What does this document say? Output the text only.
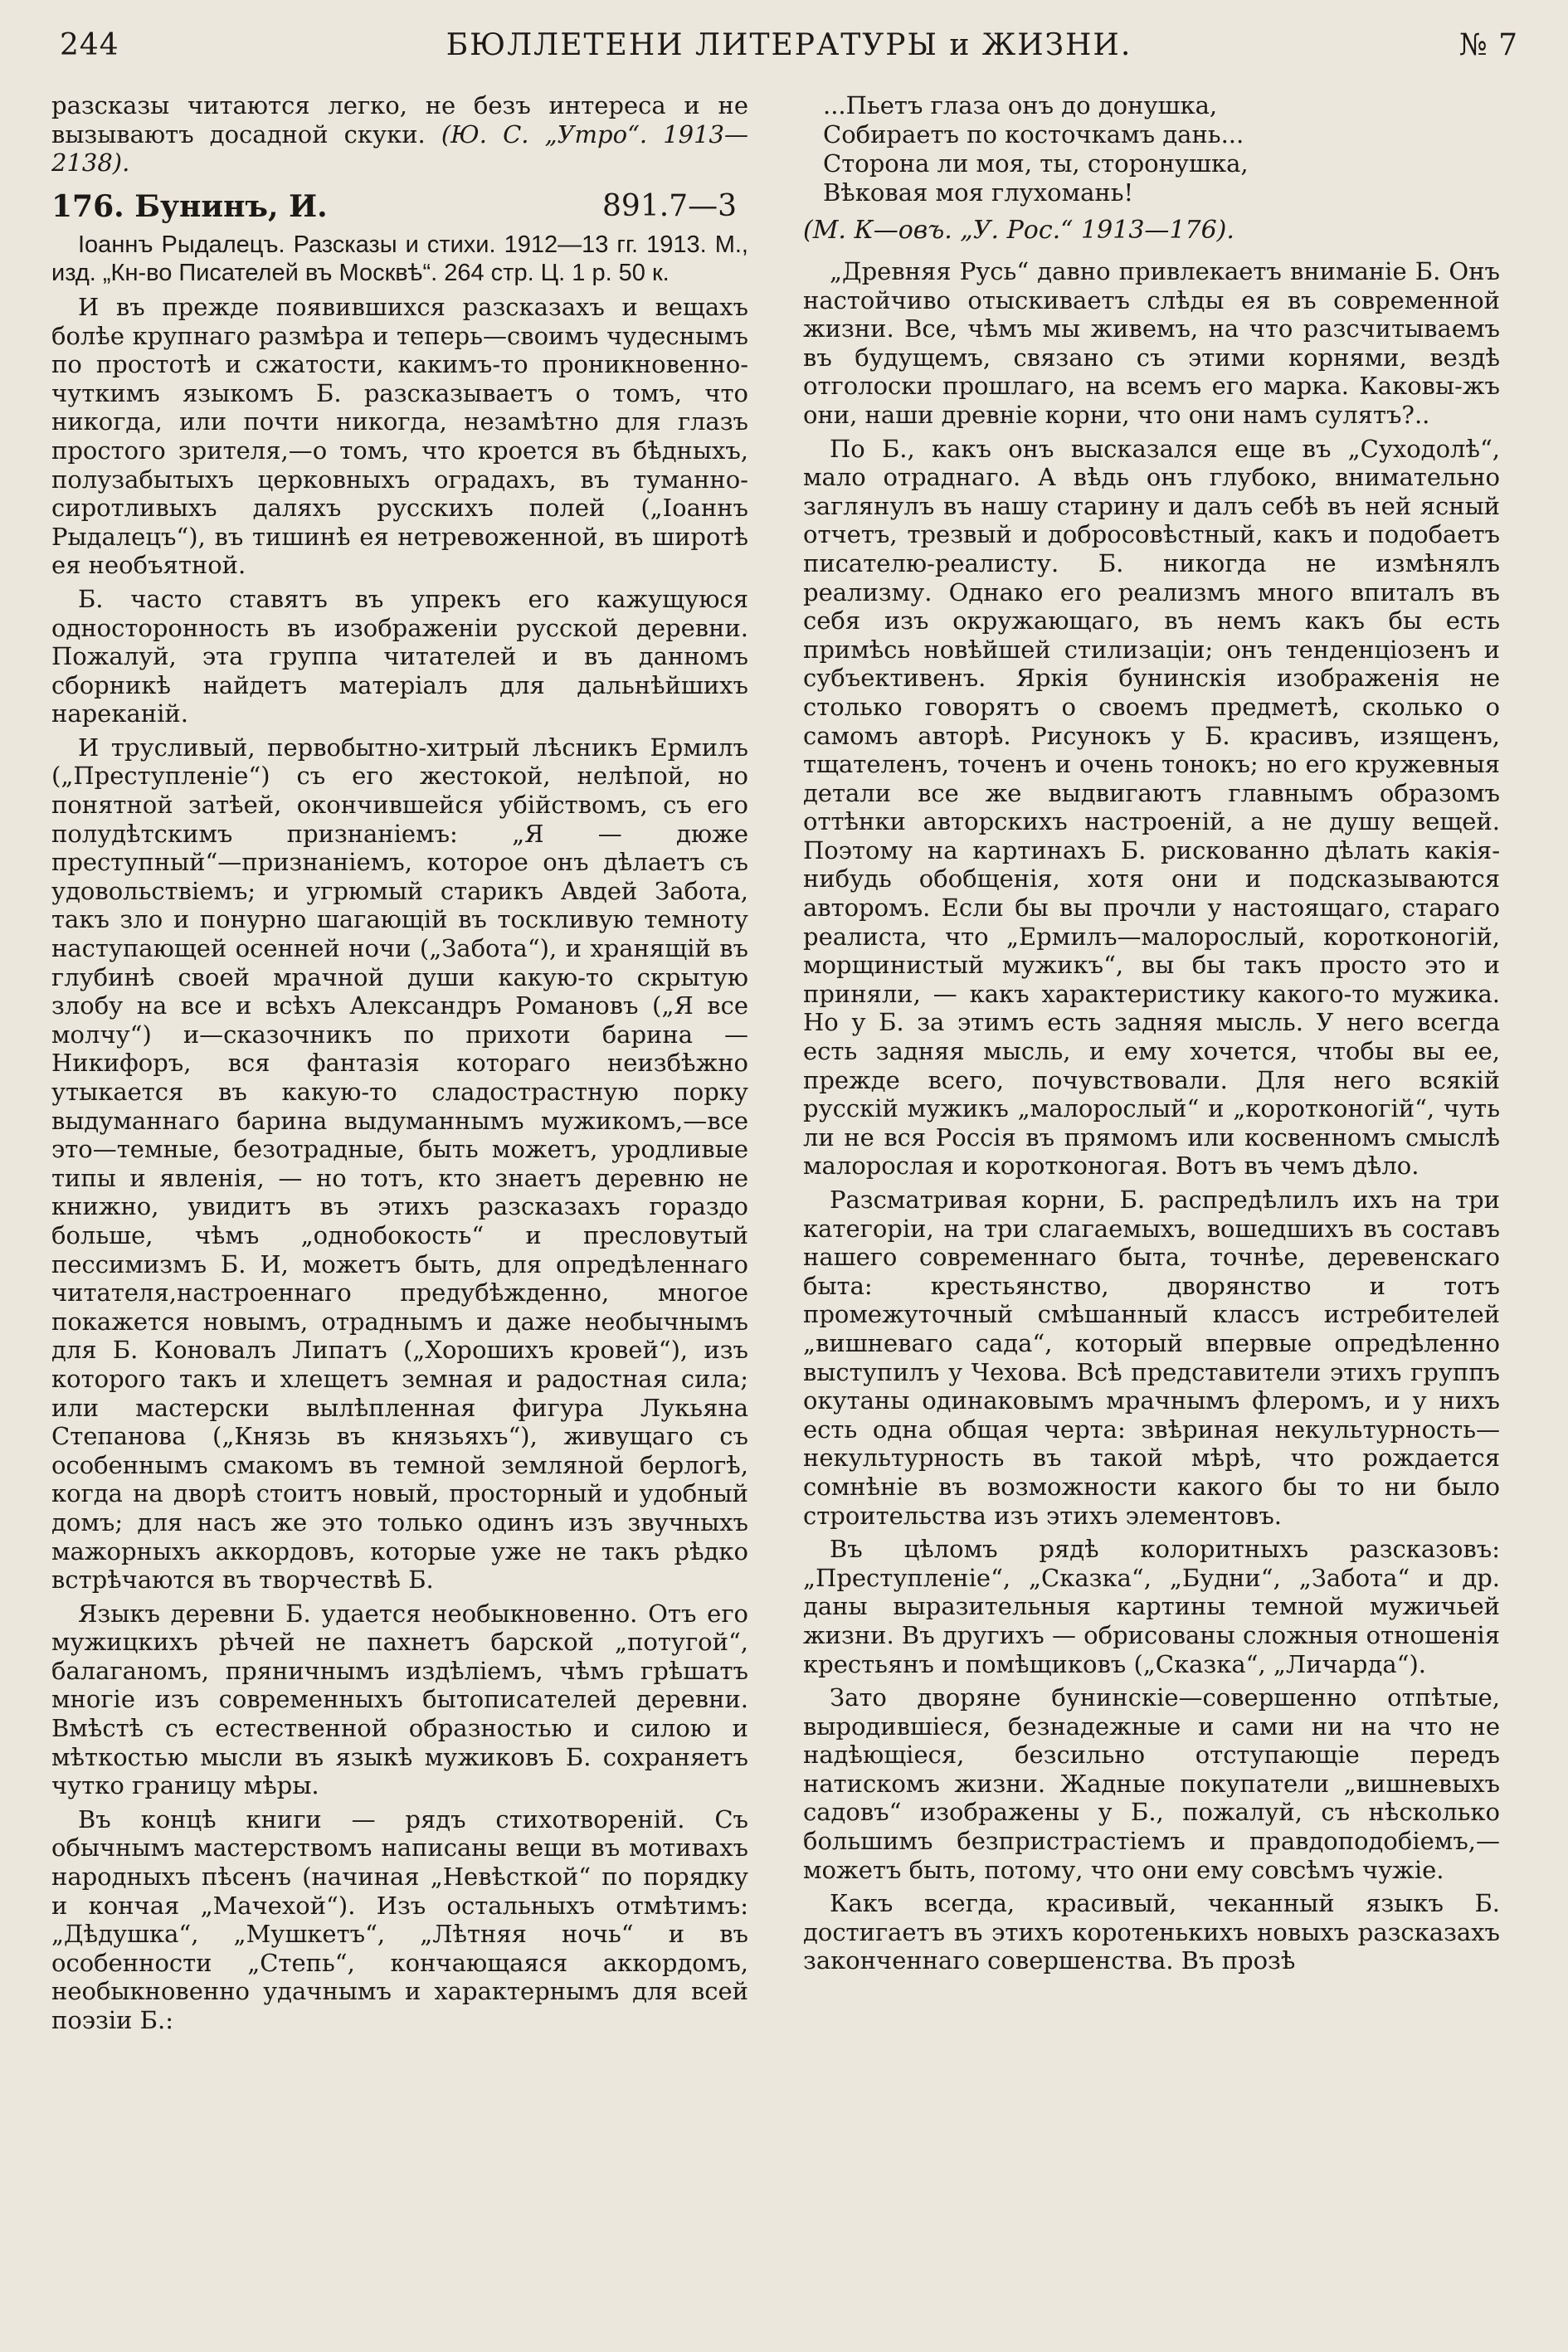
244	БЮЛЛЕТЕНИ ЛИТЕРАТУРЫ и ЖИЗНИ.	№ 7

разсказы читаются легко, не безъ интереса и не вызываютъ досадной скуки. (Ю. С. „Утро“. 1913—2138).

176. Бунинъ, И.	891.7—3

Іоаннъ Рыдалецъ. Разсказы и стихи. 1912—13 гг. 1913. М., изд. „Кн-во Писателей въ Москвѣ“. 264 стр. Ц. 1 р. 50 к.

И въ прежде появившихся разсказахъ и вещахъ болѣе крупнаго размѣра и теперь—своимъ чудеснымъ по простотѣ и сжатости, какимъ-то проникновенно-чуткимъ языкомъ Б. разсказываетъ о томъ, что никогда, или почти никогда, незамѣтно для глазъ простого зрителя,—о томъ, что кроется въ бѣдныхъ, полузабытыхъ церковныхъ оградахъ, въ туманно-сиротливыхъ даляхъ русскихъ полей („Іоаннъ Рыдалецъ“), въ тишинѣ ея нетревоженной, въ широтѣ ея необъятной.

Б. часто ставятъ въ упрекъ его кажущуюся односторонность въ изображеніи русской деревни. Пожалуй, эта группа читателей и въ данномъ сборникѣ найдетъ матеріалъ для дальнѣйшихъ нареканій.

И трусливый, первобытно-хитрый лѣсникъ Ермилъ („Преступленіе“) съ его жестокой, нелѣпой, но понятной затѣей, окончившейся убійствомъ, съ его полудѣтскимъ признаніемъ: „Я — дюже преступный“—признаніемъ, которое онъ дѣлаетъ съ удовольствіемъ; и угрюмый старикъ Авдей Забота, такъ зло и понурно шагающій въ тоскливую темноту наступающей осенней ночи („Забота“), и хранящій въ глубинѣ своей мрачной души какую-то скрытую злобу на все и всѣхъ Александръ Романовъ („Я все молчу“) и—сказочникъ по прихоти барина — Никифоръ, вся фантазія котораго неизбѣжно утыкается въ какую-то сладострастную порку выдуманнаго барина выдуманнымъ мужикомъ,—все это—темные, безотрадные, быть можетъ, уродливые типы и явленія, — но тотъ, кто знаетъ деревню не книжно, увидитъ въ этихъ разсказахъ гораздо больше, чѣмъ „однобокость“ и пресловутый пессимизмъ Б. И, можетъ быть, для опредѣленнаго читателя,настроеннаго предубѣжденно, многое покажется новымъ, отраднымъ и даже необычнымъ для Б. Коновалъ Липатъ („Хорошихъ кровей“), изъ которого такъ и хлещетъ земная и радостная сила; или мастерски вылѣпленная фигура Лукьяна Степанова („Князь въ князьяхъ“), живущаго съ особеннымъ смакомъ въ темной земляной берлогѣ, когда на дворѣ стоитъ новый, просторный и удобный домъ; для насъ же это только одинъ изъ звучныхъ мажорныхъ аккордовъ, которые уже не такъ рѣдко встрѣчаются въ творчествѣ Б.

Языкъ деревни Б. удается необыкновенно. Отъ его мужицкихъ рѣчей не пахнетъ барской „потугой“, балаганомъ, пряничнымъ издѣліемъ, чѣмъ грѣшатъ многіе изъ современныхъ бытописателей деревни. Вмѣстѣ съ естественной образностью и силою и мѣткостью мысли въ языкѣ мужиковъ Б. сохраняетъ чутко границу мѣры.

Въ концѣ книги — рядъ стихотвореній. Съ обычнымъ мастерствомъ написаны вещи въ мотивахъ народныхъ пѣсенъ (начиная „Невѣсткой“ по порядку и кончая „Мачехой“). Изъ остальныхъ отмѣтимъ: „Дѣдушка“, „Мушкетъ“, „Лѣтняя ночь“ и въ особенности „Степь“, кончающаяся аккордомъ, необыкновенно удачнымъ и характернымъ для всей поэзіи Б.:

...Пьетъ глаза онъ до донушка,
Собираетъ по косточкамъ дань...
Сторона ли моя, ты, сторонушка,
Вѣковая моя глухомань!
(М. К—овъ. „У. Рос.“ 1913—176).

„Древняя Русь“ давно привлекаетъ вниманіе Б. Онъ настойчиво отыскиваетъ слѣды ея въ современной жизни. Все, чѣмъ мы живемъ, на что разсчитываемъ въ будущемъ, связано съ этими корнями, вездѣ отголоски прошлаго, на всемъ его марка. Каковы-жъ они, наши древніе корни, что они намъ сулятъ?..

По Б., какъ онъ высказался еще въ „Суходолѣ“, мало отраднаго. А вѣдь онъ глубоко, внимательно заглянулъ въ нашу старину и далъ себѣ въ ней ясный отчетъ, трезвый и добросовѣстный, какъ и подобаетъ писателю-реалисту. Б. никогда не измѣнялъ реализму. Однако его реализмъ много впиталъ въ себя изъ окружающаго, въ немъ какъ бы есть примѣсь новѣйшей стилизаціи; онъ тенденціозенъ и субъективенъ. Яркія бунинскія изображенія не столько говорятъ о своемъ предметѣ, сколько о самомъ авторѣ. Рисунокъ у Б. красивъ, изященъ, тщателенъ, точенъ и очень тонокъ; но его кружевныя детали все же выдвигаютъ главнымъ образомъ оттѣнки авторскихъ настроеній, а не душу вещей. Поэтому на картинахъ Б. рискованно дѣлать какія-нибудь обобщенія, хотя они и подсказываются авторомъ. Если бы вы прочли у настоящаго, стараго реалиста, что „Ермилъ—малорослый, коротконогій, морщинистый мужикъ“, вы бы такъ просто это и приняли, — какъ характеристику какого-то мужика. Но у Б. за этимъ есть задняя мысль. У него всегда есть задняя мысль, и ему хочется, чтобы вы ее, прежде всего, почувствовали. Для него всякій русскій мужикъ „малорослый“ и „коротконогій“, чуть ли не вся Россія въ прямомъ или косвенномъ смыслѣ малорослая и коротконогая. Вотъ въ чемъ дѣло.

Разсматривая корни, Б. распредѣлилъ ихъ на три категоріи, на три слагаемыхъ, вошедшихъ въ составъ нашего современнаго быта, точнѣе, деревенскаго быта: крестьянство, дворянство и тотъ промежуточный смѣшанный классъ истребителей „вишневаго сада“, который впервые опредѣленно выступилъ у Чехова. Всѣ представители этихъ группъ окутаны одинаковымъ мрачнымъ флеромъ, и у нихъ есть одна общая черта: звѣриная некультурность—некультурность въ такой мѣрѣ, что рождается сомнѣніе въ возможности какого бы то ни было строительства изъ этихъ элементовъ.

Въ цѣломъ рядѣ колоритныхъ разсказовъ: „Преступленіе“, „Сказка“, „Будни“, „Забота“ и др. даны выразительныя картины темной мужичьей жизни. Въ другихъ — обрисованы сложныя отношенія крестьянъ и помѣщиковъ („Сказка“, „Личарда“).

Зато дворяне бунинскіе—совершенно отпѣтые, выродившіеся, безнадежные и сами ни на что не надѣющіеся, безсильно отступающіе передъ натискомъ жизни. Жадные покупатели „вишневыхъ садовъ“ изображены у Б., пожалуй, съ нѣсколько большимъ безпристрастіемъ и правдоподобіемъ,—можетъ быть, потому, что они ему совсѣмъ чужіе.

Какъ всегда, красивый, чеканный языкъ Б. достигаетъ въ этихъ коротенькихъ новыхъ разсказахъ законченнаго совершенства. Въ прозѣ
